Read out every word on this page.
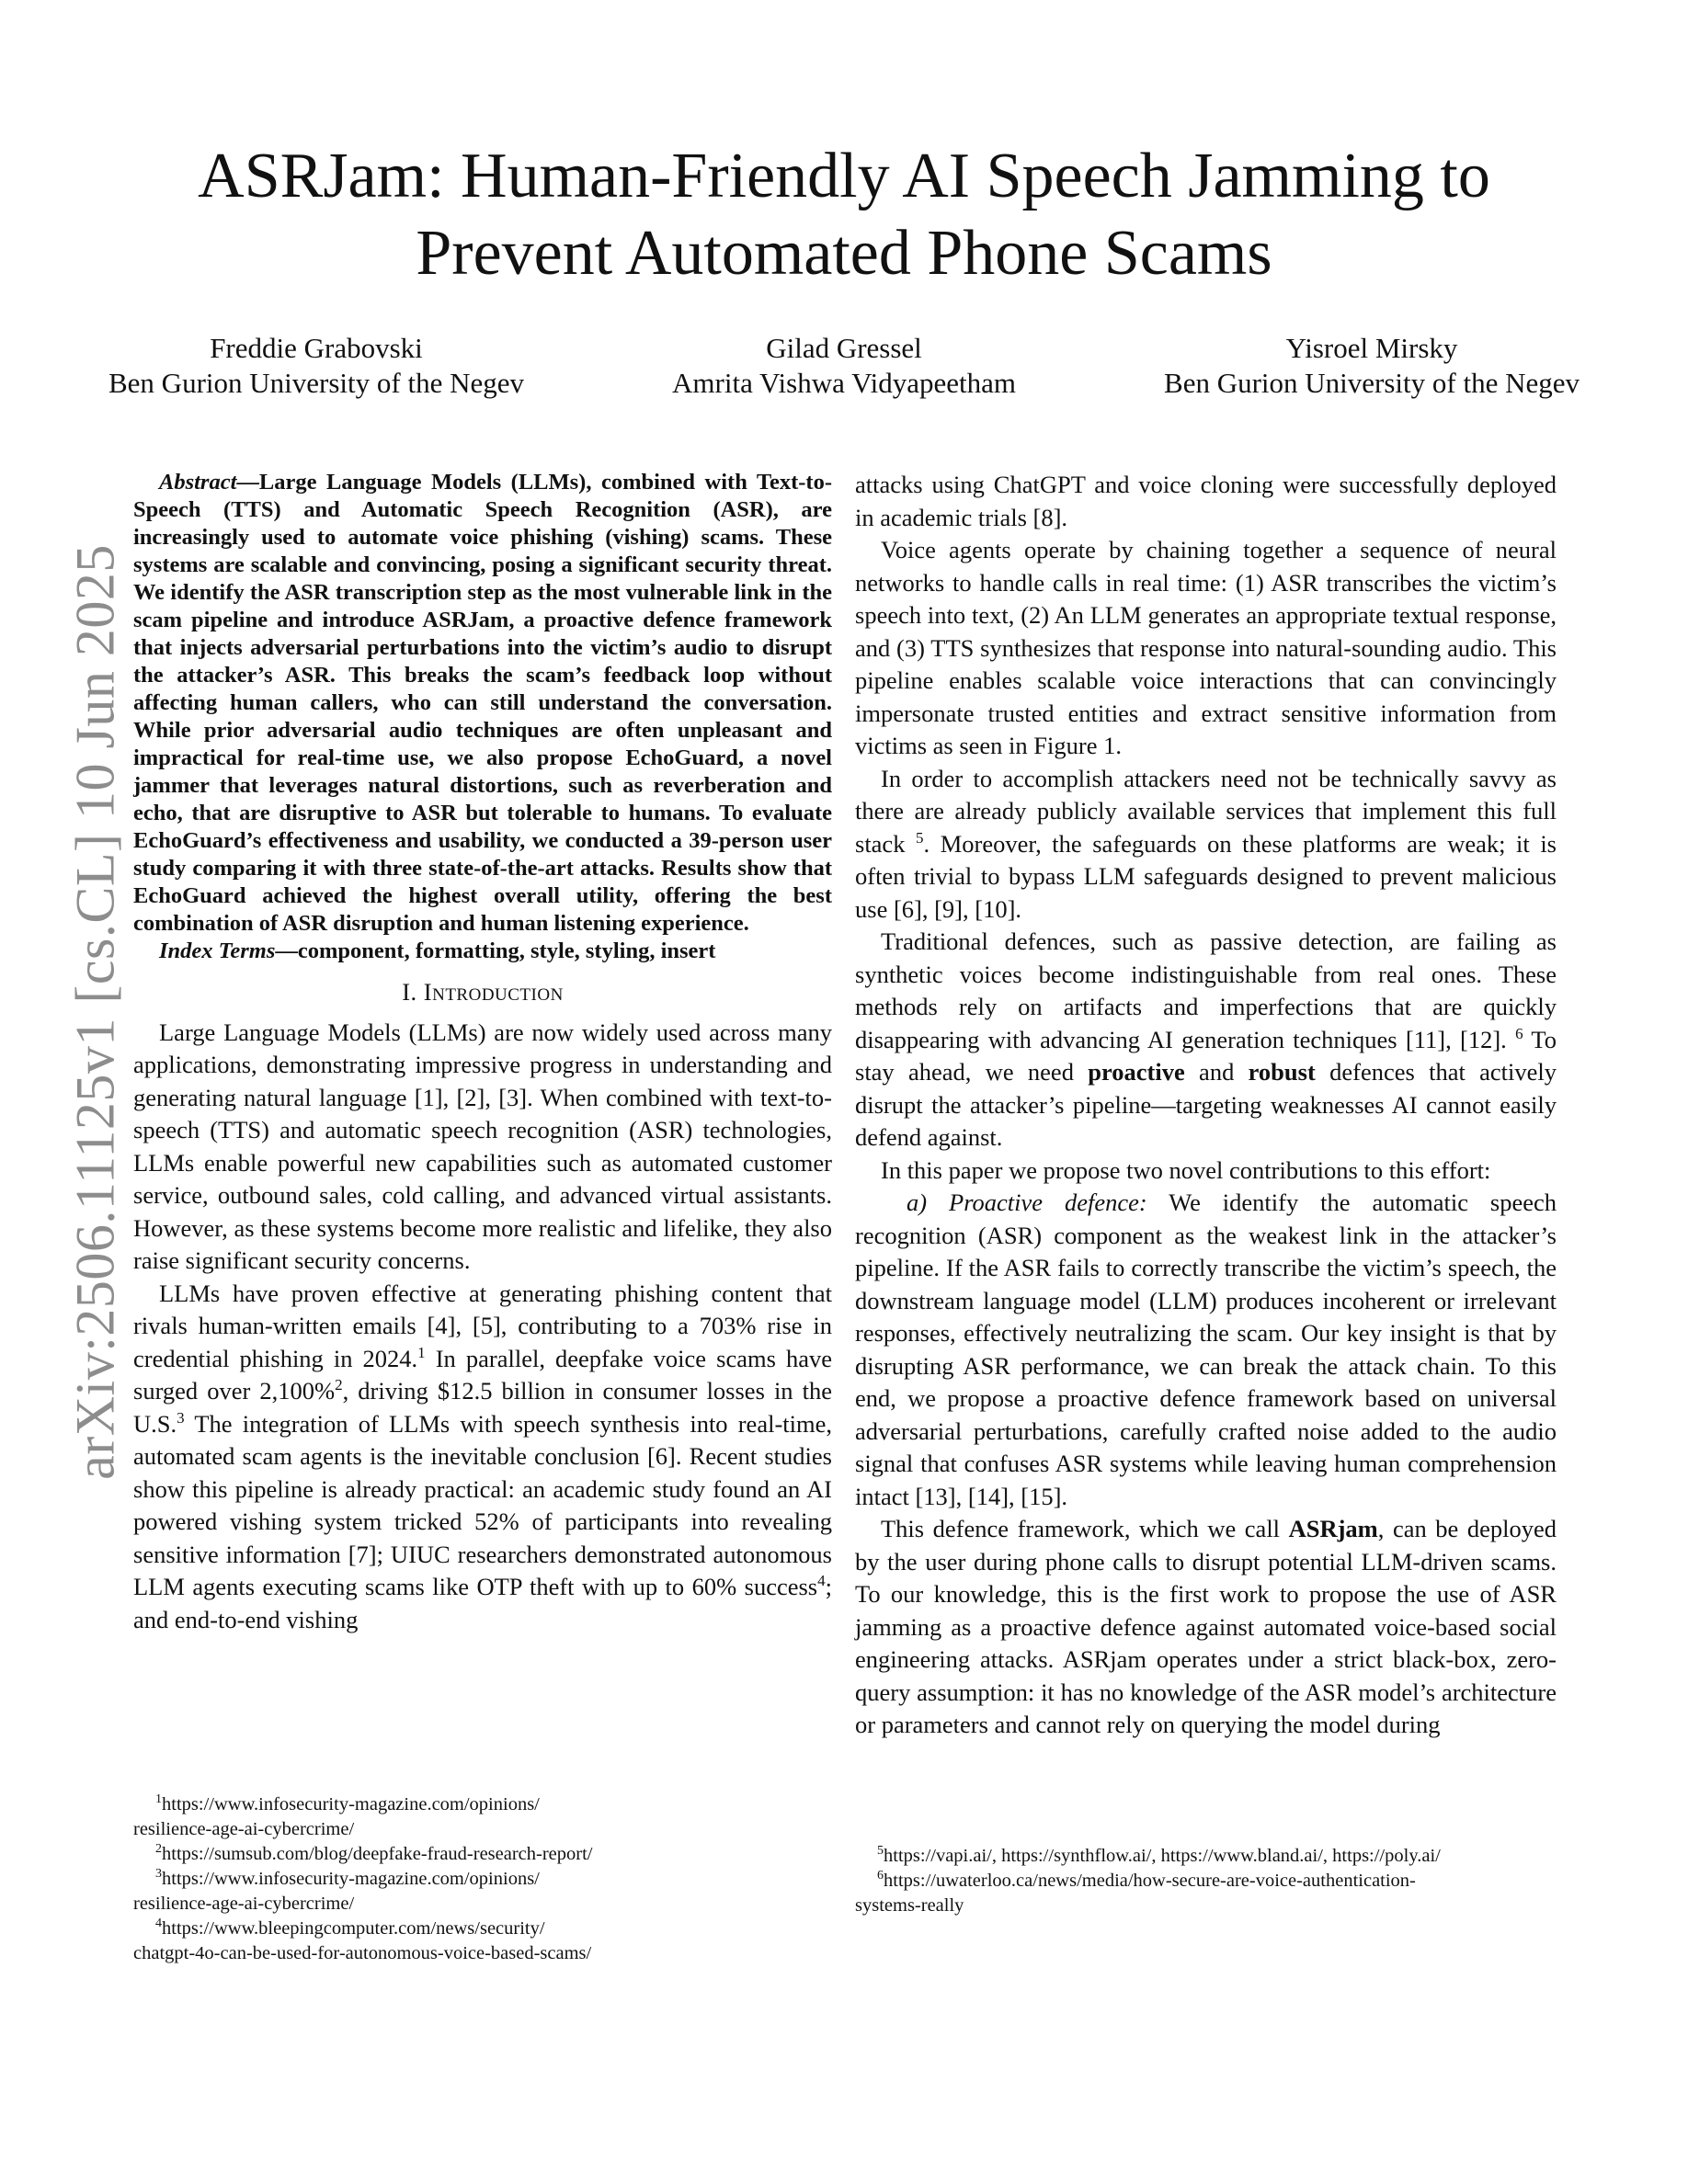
arXiv:2506.11125v1 [cs.CL] 10 Jun 2025
ASRJam: Human-Friendly AI Speech Jamming to
Prevent Automated Phone Scams
Freddie Grabovski
Ben Gurion University of the Negev
Gilad Gressel
Amrita Vishwa Vidyapeetham
Yisroel Mirsky
Ben Gurion University of the Negev

Abstract—Large Language Models (LLMs), combined with Text-to-Speech (TTS) and Automatic Speech Recognition (ASR), are increasingly used to automate voice phishing (vishing) scams. These systems are scalable and convincing, posing a significant security threat. We identify the ASR transcription step as the most vulnerable link in the scam pipeline and introduce ASRJam, a proactive defence framework that injects adversarial perturbations into the victim’s audio to disrupt the attacker’s ASR. This breaks the scam’s feedback loop without affecting human callers, who can still understand the conversation. While prior adversarial audio techniques are often unpleasant and impractical for real-time use, we also propose EchoGuard, a novel jammer that leverages natural distortions, such as reverberation and echo, that are disruptive to ASR but tolerable to humans. To evaluate EchoGuard’s effectiveness and usability, we conducted a 39-person user study comparing it with three state-of-the-art attacks. Results show that EchoGuard achieved the highest overall utility, offering the best combination of ASR disruption and human listening experience.

Index Terms—component, formatting, style, styling, insert

I. Introduction

Large Language Models (LLMs) are now widely used across many applications, demonstrating impressive progress in understanding and generating natural language [1], [2], [3]. When combined with text-to-speech (TTS) and automatic speech recognition (ASR) technologies, LLMs enable powerful new capabilities such as automated customer service, outbound sales, cold calling, and advanced virtual assistants. However, as these systems become more realistic and lifelike, they also raise significant security concerns.

LLMs have proven effective at generating phishing content that rivals human-written emails [4], [5], contributing to a 703% rise in credential phishing in 2024.$^1$ In parallel, deepfake voice scams have surged over 2,100%$^2$, driving $12.5 billion in consumer losses in the U.S.$^3$ The integration of LLMs with speech synthesis into real-time, automated scam agents is the inevitable conclusion [6]. Recent studies show this pipeline is already practical: an academic study found an AI powered vishing system tricked 52% of participants into revealing sensitive information [7]; UIUC researchers demonstrated autonomous LLM agents executing scams like OTP theft with up to 60% success$^4$; and end-to-end vishing

$^1$https://www.infosecurity-magazine.com/opinions/

resilience-age-ai-cybercrime/

$^2$https://sumsub.com/blog/deepfake-fraud-research-report/

$^3$https://www.infosecurity-magazine.com/opinions/

resilience-age-ai-cybercrime/

$^4$https://www.bleepingcomputer.com/news/security/

chatgpt-4o-can-be-used-for-autonomous-voice-based-scams/

attacks using ChatGPT and voice cloning were successfully deployed in academic trials [8].

Voice agents operate by chaining together a sequence of neural networks to handle calls in real time: (1) ASR transcribes the victim’s speech into text, (2) An LLM generates an appropriate textual response, and (3) TTS synthesizes that response into natural-sounding audio. This pipeline enables scalable voice interactions that can convincingly impersonate trusted entities and extract sensitive information from victims as seen in Figure 1.

In order to accomplish attackers need not be technically savvy as there are already publicly available services that implement this full stack $^5$. Moreover, the safeguards on these platforms are weak; it is often trivial to bypass LLM safeguards designed to prevent malicious use [6], [9], [10].

Traditional defences, such as passive detection, are failing as synthetic voices become indistinguishable from real ones. These methods rely on artifacts and imperfections that are quickly disappearing with advancing AI generation techniques [11], [12]. $^6$ To stay ahead, we need proactive and robust defences that actively disrupt the attacker’s pipeline—targeting weaknesses AI cannot easily defend against.

In this paper we propose two novel contributions to this effort:

a) Proactive defence: We identify the automatic speech recognition (ASR) component as the weakest link in the attacker’s pipeline. If the ASR fails to correctly transcribe the victim’s speech, the downstream language model (LLM) produces incoherent or irrelevant responses, effectively neutralizing the scam. Our key insight is that by disrupting ASR performance, we can break the attack chain. To this end, we propose a proactive defence framework based on universal adversarial perturbations, carefully crafted noise added to the audio signal that confuses ASR systems while leaving human comprehension intact [13], [14], [15].

This defence framework, which we call ASRjam, can be deployed by the user during phone calls to disrupt potential LLM-driven scams. To our knowledge, this is the first work to propose the use of ASR jamming as a proactive defence against automated voice-based social engineering attacks. ASRjam operates under a strict black-box, zero-query assumption: it has no knowledge of the ASR model’s architecture or parameters and cannot rely on querying the model during

$^5$https://vapi.ai/, https://synthflow.ai/, https://www.bland.ai/, https://poly.ai/

$^6$https://uwaterloo.ca/news/media/how-secure-are-voice-authentication-

systems-really
